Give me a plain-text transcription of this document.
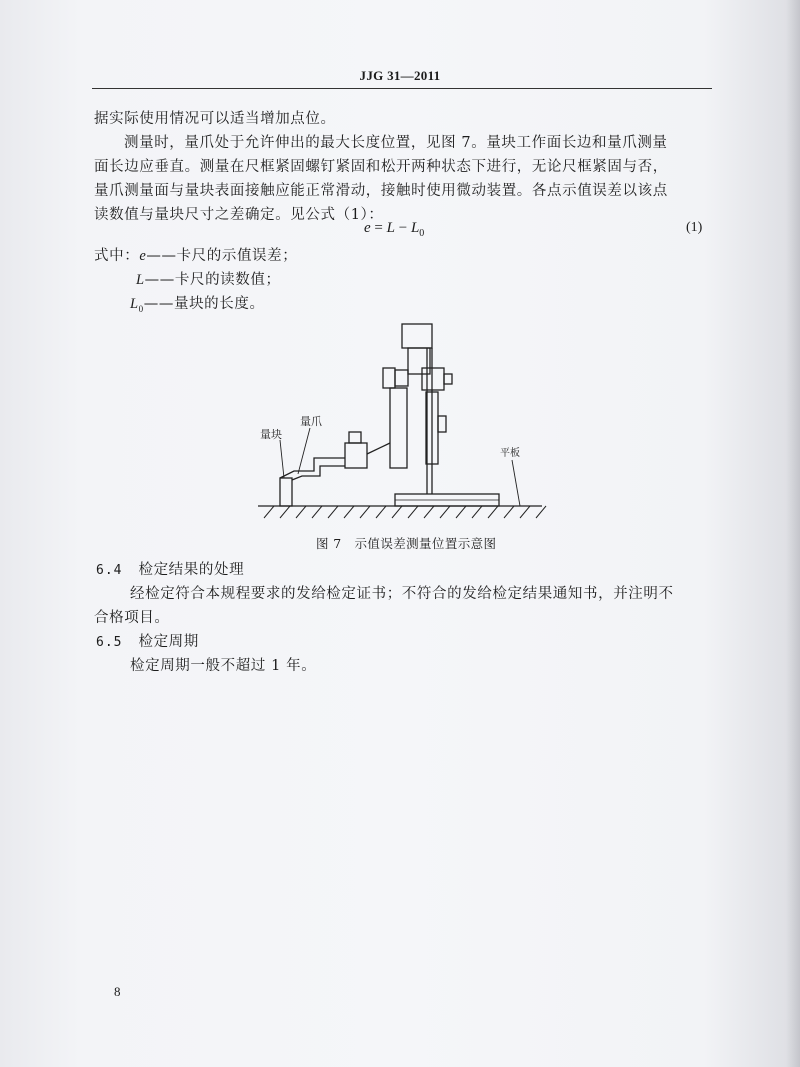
JJG 31—2011
据实际使用情况可以适当增加点位。
测量时，量爪处于允许伸出的最大长度位置，见图 7。量块工作面长边和量爪测量
面长边应垂直。测量在尺框紧固螺钉紧固和松开两种状态下进行，无论尺框紧固与否，
量爪测量面与量块表面接触应能正常滑动，接触时使用微动装置。各点示值误差以该点
读数值与量块尺寸之差确定。见公式（1）：
$e = L - L_0$	(1)
式中：e——卡尺的示值误差；
L——卡尺的读数值；
$L_0——$量块的长度。
量爪
量块
平板
图 7　示值误差测量位置示意图
6.4 检定结果的处理
经检定符合本规程要求的发给检定证书；不符合的发给检定结果通知书，并注明不
合格项目。
6.5 检定周期
检定周期一般不超过 1 年。
8
